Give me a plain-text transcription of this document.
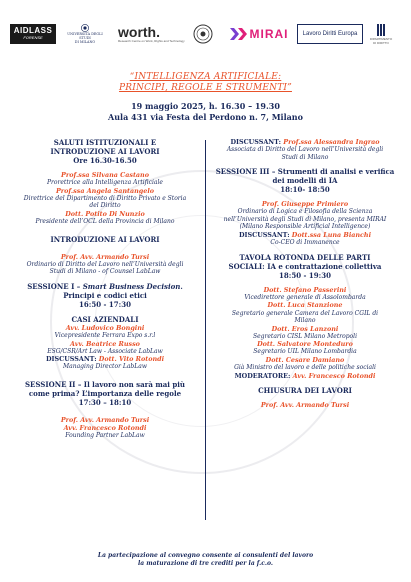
AIDLASS
FORENSE
UNIVERSITÀ DEGLI STUDI
DI MILANO
worth.
Research Centre on Work, Rights and Technology	MIRAI Lavoro Diritti Europa
DIPARTIMENTO
DI DIRITTO
“INTELLIGENZA ARTIFICIALE:
PRINCIPI, REGOLE E STRUMENTI”
19 maggio 2025, h. 16.30 – 19.30
Aula 431 via Festa del Perdono n. 7, Milano
SALUTI ISTITUZIONALI E
INTRODUZIONE AI LAVORI
Ore 16.30-16.50
Prof.ssa Silvana Castano
Prorettrice alla Intelligenza Artificiale
Prof.ssa Angela Santangelo
Direttrice del Dipartimento di Diritto Privato e Storia
del Diritto
Dott. Potito Di Nunzio
Presidente dell’OCL della Provincia di Milano
INTRODUZIONE AI LAVORI
Prof. Avv. Armando Tursi
Ordinario di Diritto del Lavoro nell’Università degli
Studi di Milano - of Counsel LabLaw
SESSIONE I – Smart Business Decision.
Principi e codici etici
16:50 - 17:30
CASI AZIENDALI
Avv. Ludovico Bongini
Vicepresidente Ferrara Expo s.r.l
Avv. Beatrice Russo
ESG/CSR/Art Law - Associate LabLaw
DISCUSSANT: Dott. Vito Rotondi
Managing Director LabLaw
SESSIONE II – Il lavoro non sarà mai più
come prima? L’importanza delle regole
17:30 – 18:10
Prof. Avv. Armando Tursi
Avv. Francesco Rotondi
Founding Partner LabLaw
DISCUSSANT: Prof.ssa Alessandra Ingrao
Associata di Diritto del Lavoro nell’Università degli
Studi di Milano
SESSIONE III – Strumenti di analisi e verifica
dei modelli di IA
18:10- 18:50
Prof. Giuseppe Primiero
Ordinario di Logica e Filosofia della Scienza
nell’Università degli Studi di Milano, presenta MIRAI
(Milano Responsible Artificial Intelligence)
DISCUSSANT: Dott.ssa Luna Bianchi
Co-CEO di Immanence
TAVOLA ROTONDA DELLE PARTI
SOCIALI: IA e contrattazione collettiva
18:50 - 19:30
Dott. Stefano Passerini
Vicedirettore generale di Assolombarda
Dott. Luca Stanzione
Segretario generale Camera del Lavoro CGIL di
Milano
Dott. Eros Lanzoni
Segretario CISL Milano Metropoli
Dott. Salvatore Monteduro
Segretario UIL Milano Lombardia
Dott. Cesare Damiano
Già Ministro del lavoro e delle politiche sociali
MODERATORE: Avv. Francesco Rotondi
CHIUSURA DEI LAVORI
Prof. Avv. Armando Tursi
La partecipazione al convegno consente ai consulenti del lavoro
la maturazione di tre crediti per la f.c.o.
